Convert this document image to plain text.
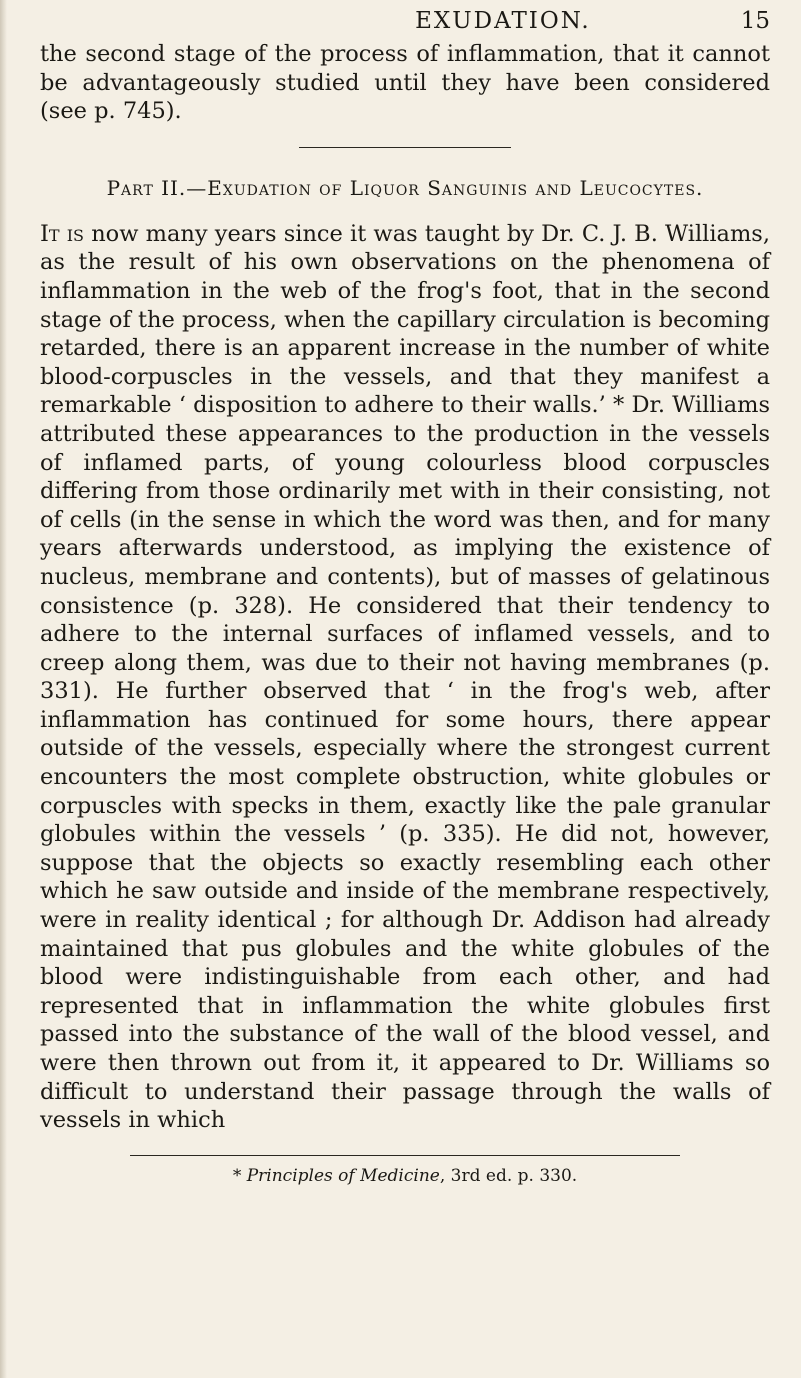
EXUDATION.	15

the second stage of the process of inflammation, that it cannot be advantageously studied until they have been considered (see p. 745).

Part II.—Exudation of Liquor Sanguinis and Leucocytes.

It is now many years since it was taught by Dr. C. J. B. Williams, as the result of his own observations on the phenomena of inflammation in the web of the frog's foot, that in the second stage of the process, when the capillary circulation is becoming retarded, there is an apparent increase in the number of white blood-corpuscles in the vessels, and that they manifest a remarkable ‘ disposition to adhere to their walls.’ * Dr. Williams attributed these appearances to the production in the vessels of inflamed parts, of young colourless blood corpuscles differing from those ordinarily met with in their consisting, not of cells (in the sense in which the word was then, and for many years afterwards understood, as implying the existence of nucleus, membrane and contents), but of masses of gelatinous consistence (p. 328). He considered that their tendency to adhere to the internal surfaces of inflamed vessels, and to creep along them, was due to their not having membranes (p. 331). He further observed that ‘ in the frog's web, after inflammation has continued for some hours, there appear outside of the vessels, especially where the strongest current encounters the most complete obstruction, white globules or corpuscles with specks in them, exactly like the pale granular globules within the vessels ’ (p. 335). He did not, however, suppose that the objects so exactly resembling each other which he saw outside and inside of the membrane respectively, were in reality identical ; for although Dr. Addison had already maintained that pus globules and the white globules of the blood were indistinguishable from each other, and had represented that in inflammation the white globules first passed into the substance of the wall of the blood vessel, and were then thrown out from it, it appeared to Dr. Williams so difficult to understand their passage through the walls of vessels in which

* Principles of Medicine, 3rd ed. p. 330.
